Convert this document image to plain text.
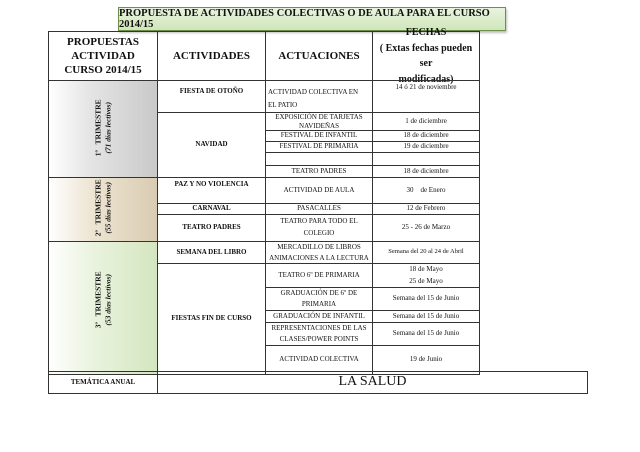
PROPUESTA DE ACTIVIDADES COLECTIVAS O DE AULA PARA EL CURSO 2014/15
PROPUESTAS
ACTIVIDAD
CURSO 2014/15
ACTIVIDADES	ACTUACIONES
FECHAS
( Extas fechas pueden ser
modificadas)
1º   TRIMESTRE (71 días lectivos)
2º   TRIMESTRE (55 días lectivos)
3º   TRIMESTRE (53 días lectivos)
FIESTA DE OTOÑO
NAVIDAD
PAZ Y NO VIOLENCIA
CARNAVAL
TEATRO PADRES
SEMANA DEL LIBRO
FIESTAS FIN DE CURSO
ACTIVIDAD COLECTIVA EN
EL PATIO
EXPOSICIÓN DE TARJETAS
NAVIDEÑAS
FESTIVAL DE INFANTIL
FESTIVAL DE PRIMARIA
TEATRO PADRES
ACTIVIDAD DE AULA
PASACALLES
TEATRO PARA TODO EL
COLEGIO
MERCADILLO DE LIBROS
ANIMACIONES A LA LECTURA
TEATRO 6º DE PRIMARIA
GRADUACIÓN DE 6º DE
PRIMARIA
GRADUACIÓN DE INFANTIL
REPRESENTACIONES DE LAS
CLASES/POWER POINTS
ACTIVIDAD COLECTIVA
14 ó 21 de noviembre
1 de diciembre
18 de diciembre
19 de diciembre
18 de diciembre
30    de Enero
12 de Febrero
25 - 26 de Marzo
Semana del 20 al 24 de Abril
18 de Mayo
25 de Mayo
Semana del 15 de Junio
Semana del 15 de Junio
Semana del 15 de Junio
19 de Junio
TEMÁTICA ANUAL	LA SALUD
